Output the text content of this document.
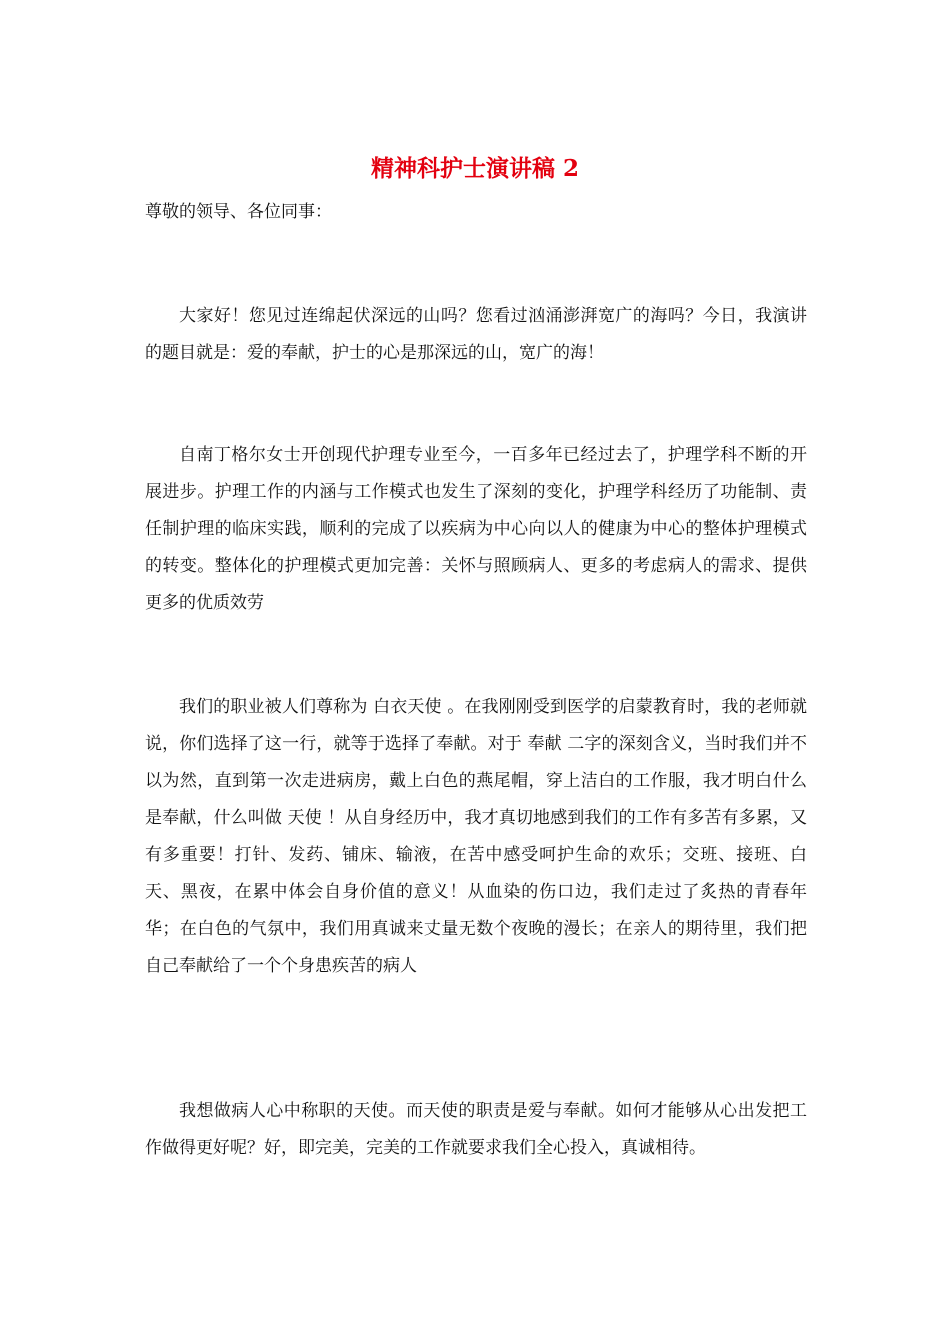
精神科护士演讲稿 2

尊敬的领导、各位同事：

大家好！您见过连绵起伏深远的山吗？您看过汹涌澎湃宽广的海吗？今日，我演讲的题目就是：爱的奉献，护士的心是那深远的山，宽广的海！

自南丁格尔女士开创现代护理专业至今，一百多年已经过去了，护理学科不断的开展进步。护理工作的内涵与工作模式也发生了深刻的变化，护理学科经历了功能制、责任制护理的临床实践，顺利的完成了以疾病为中心向以人的健康为中心的整体护理模式的转变。整体化的护理模式更加完善：关怀与照顾病人、更多的考虑病人的需求、提供更多的优质效劳

我们的职业被人们尊称为 白衣天使 。在我刚刚受到医学的启蒙教育时，我的老师就说，你们选择了这一行，就等于选择了奉献。对于 奉献 二字的深刻含义，当时我们并不以为然，直到第一次走进病房，戴上白色的燕尾帽，穿上洁白的工作服，我才明白什么是奉献，什么叫做 天使 ！从自身经历中，我才真切地感到我们的工作有多苦有多累，又有多重要！打针、发药、铺床、输液，在苦中感受呵护生命的欢乐；交班、接班、白天、黑夜，在累中体会自身价值的意义！从血染的伤口边，我们走过了炙热的青春年华；在白色的气氛中，我们用真诚来丈量无数个夜晚的漫长；在亲人的期待里，我们把自己奉献给了一个个身患疾苦的病人

我想做病人心中称职的天使。而天使的职责是爱与奉献。如何才能够从心出发把工作做得更好呢？好，即完美，完美的工作就要求我们全心投入，真诚相待。
